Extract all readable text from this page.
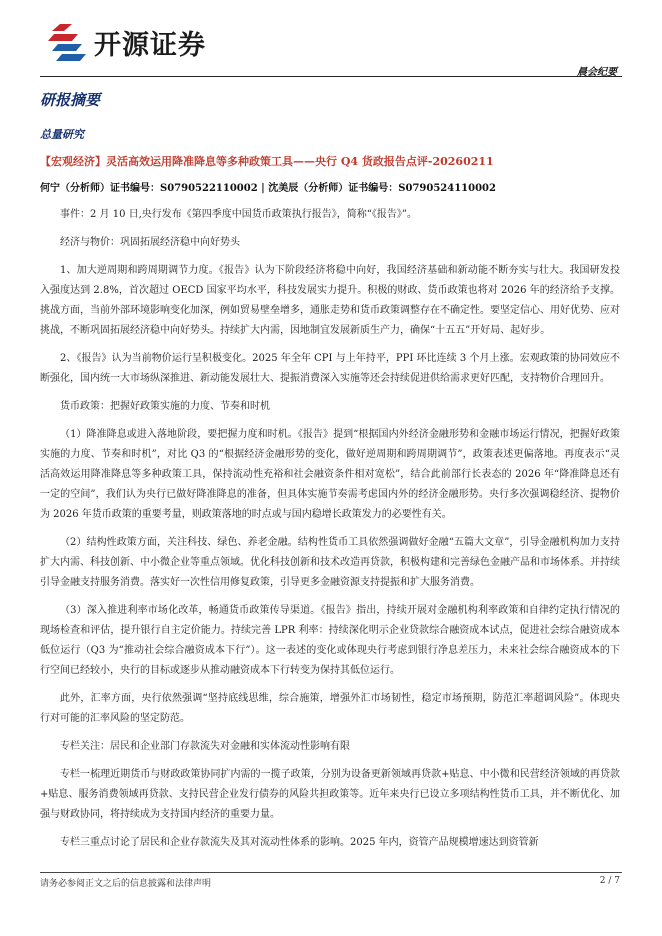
开源证券
晨会纪要
研报摘要
总量研究
【宏观经济】灵活高效运用降准降息等多种政策工具——央行 Q4 货政报告点评-20260211
何宁（分析师）证书编号：S0790522110002 | 沈美辰（分析师）证书编号：S0790524110002

事件：2 月 10 日,央行发布《第四季度中国货币政策执行报告》，简称“《报告》”。

经济与物价：巩固拓展经济稳中向好势头

1、加大逆周期和跨周期调节力度。《报告》认为下阶段经济将稳中向好，我国经济基础和新动能不断夯实与壮大。我国研发投入强度达到 2.8%，首次超过 OECD 国家平均水平，科技发展实力提升。积极的财政、货币政策也将对 2026 年的经济给予支撑。挑战方面，当前外部环境影响变化加深，例如贸易壁垒增多，通胀走势和货币政策调整存在不确定性。要坚定信心、用好优势、应对挑战，不断巩固拓展经济稳中向好势头。持续扩大内需，因地制宜发展新质生产力，确保“十五五”开好局、起好步。

2、《报告》认为当前物价运行呈积极变化。2025 年全年 CPI 与上年持平，PPI 环比连续 3 个月上涨。宏观政策的协同效应不断强化，国内统一大市场纵深推进、新动能发展壮大、提振消费深入实施等还会持续促进供给需求更好匹配，支持物价合理回升。

货币政策：把握好政策实施的力度、节奏和时机

（1）降准降息或进入落地阶段，要把握力度和时机。《报告》提到“根据国内外经济金融形势和金融市场运行情况，把握好政策实施的力度、节奏和时机”，对比 Q3 的“根据经济金融形势的变化，做好逆周期和跨周期调节”，政策表述更偏落地。再度表示“灵活高效运用降准降息等多种政策工具，保持流动性充裕和社会融资条件相对宽松”，结合此前部行长表态的 2026 年“降准降息还有一定的空间”，我们认为央行已做好降准降息的准备，但具体实施节奏需考虑国内外的经济金融形势。央行多次强调稳经济、提物价为 2026 年货币政策的重要考量，则政策落地的时点或与国内稳增长政策发力的必要性有关。

（2）结构性政策方面，关注科技、绿色、养老金融。结构性货币工具依然强调做好金融“五篇大文章”，引导金融机构加力支持扩大内需、科技创新、中小微企业等重点领域。优化科技创新和技术改造再贷款，积极构建和完善绿色金融产品和市场体系。并持续引导金融支持服务消费。落实好一次性信用修复政策，引导更多金融资源支持提振和扩大服务消费。

（3）深入推进利率市场化改革，畅通货币政策传导渠道。《报告》指出，持续开展对金融机构利率政策和自律约定执行情况的现场检查和评估，提升银行自主定价能力。持续完善 LPR 利率：持续深化明示企业贷款综合融资成本试点，促进社会综合融资成本低位运行（Q3 为“推动社会综合融资成本下行”）。这一表述的变化或体现央行考虑到银行净息差压力，未来社会综合融资成本的下行空间已经较小，央行的目标或逐步从推动融资成本下行转变为保持其低位运行。

此外，汇率方面，央行依然强调“坚持底线思维，综合施策，增强外汇市场韧性，稳定市场预期，防范汇率超调风险”。体现央行对可能的汇率风险的坚定防范。

专栏关注：居民和企业部门存款流失对金融和实体流动性影响有限

专栏一梳理近期货币与财政政策协同扩内需的一揽子政策，分别为设备更新领域再贷款+贴息、中小微和民营经济领域的再贷款+贴息、服务消费领域再贷款、支持民营企业发行债券的风险共担政策等。近年来央行已设立多项结构性货币工具，并不断优化、加强与财政协同，将持续成为支持国内经济的重要力量。

专栏三重点讨论了居民和企业存款流失及其对流动性体系的影响。2025 年内，资管产品规模增速达到资管新

请务必参阅正文之后的信息披露和法律声明	2 / 7
